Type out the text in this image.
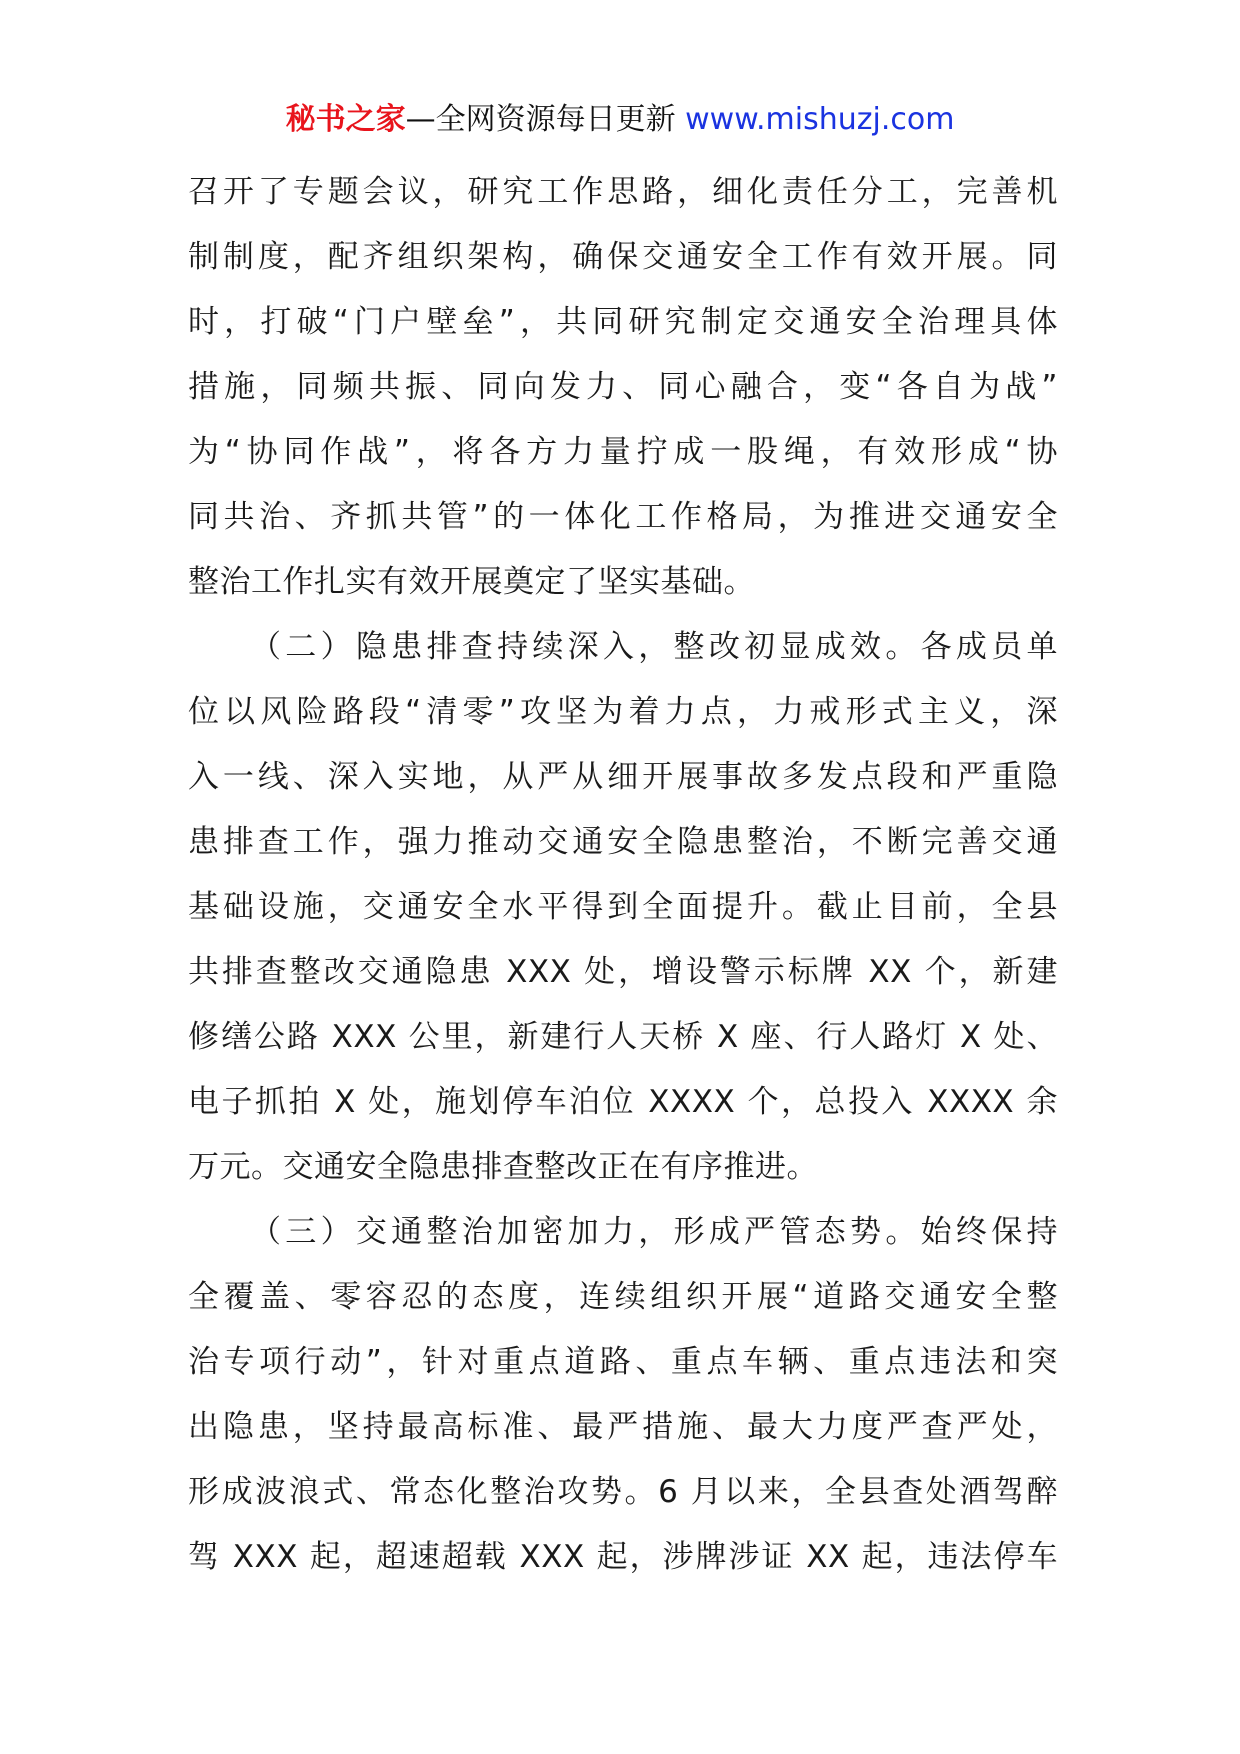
秘书之家—全网资源每日更新 www.mishuzj.com
召开了专题会议，研究工作思路，细化责任分工，完善机
制制度，配齐组织架构，确保交通安全工作有效开展。同
时，打破“门户壁垒”，共同研究制定交通安全治理具体
措施，同频共振、同向发力、同心融合，变“各自为战”
为“协同作战”，将各方力量拧成一股绳，有效形成“协
同共治、齐抓共管”的一体化工作格局，为推进交通安全
整治工作扎实有效开展奠定了坚实基础。
（二）隐患排查持续深入，整改初显成效。各成员单
位以风险路段“清零”攻坚为着力点，力戒形式主义，深
入一线、深入实地，从严从细开展事故多发点段和严重隐
患排查工作，强力推动交通安全隐患整治，不断完善交通
基础设施，交通安全水平得到全面提升。截止目前，全县
共排查整改交通隐患 XXX 处，增设警示标牌 XX 个，新建
修缮公路 XXX 公里，新建行人天桥 X 座、行人路灯 X 处、
电子抓拍 X 处，施划停车泊位 XXXX 个，总投入 XXXX 余
万元。交通安全隐患排查整改正在有序推进。
（三）交通整治加密加力，形成严管态势。始终保持
全覆盖、零容忍的态度，连续组织开展“道路交通安全整
治专项行动”，针对重点道路、重点车辆、重点违法和突
出隐患，坚持最高标准、最严措施、最大力度严查严处，
形成波浪式、常态化整治攻势。6 月以来，全县查处酒驾醉
驾 XXX 起，超速超载 XXX 起，涉牌涉证 XX 起，违法停车
